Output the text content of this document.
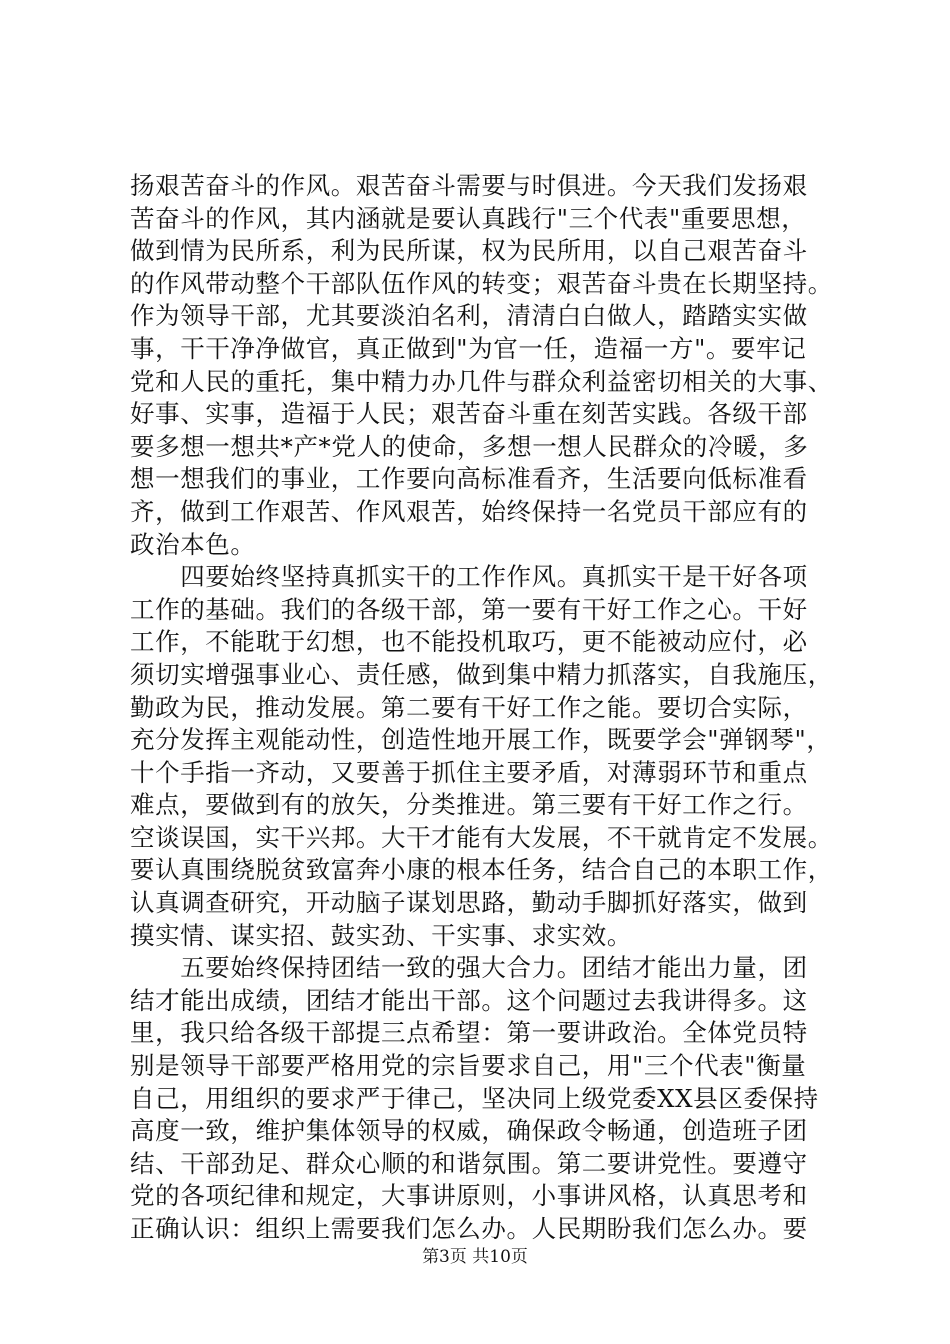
扬艰苦奋斗的作风。艰苦奋斗需要与时俱进。今天我们发扬艰
苦奋斗的作风，其内涵就是要认真践行"三个代表"重要思想，
做到情为民所系，利为民所谋，权为民所用，以自己艰苦奋斗
的作风带动整个干部队伍作风的转变；艰苦奋斗贵在长期坚持。
作为领导干部，尤其要淡泊名利，清清白白做人，踏踏实实做
事，干干净净做官，真正做到"为官一任，造福一方"。要牢记
党和人民的重托，集中精力办几件与群众利益密切相关的大事、
好事、实事，造福于人民；艰苦奋斗重在刻苦实践。各级干部
要多想一想共*产*党人的使命，多想一想人民群众的冷暖，多
想一想我们的事业，工作要向高标准看齐，生活要向低标准看
齐，做到工作艰苦、作风艰苦，始终保持一名党员干部应有的
政治本色。
　　四要始终坚持真抓实干的工作作风。真抓实干是干好各项
工作的基础。我们的各级干部，第一要有干好工作之心。干好
工作，不能耽于幻想，也不能投机取巧，更不能被动应付，必
须切实增强事业心、责任感，做到集中精力抓落实，自我施压，
勤政为民，推动发展。第二要有干好工作之能。要切合实际，
充分发挥主观能动性，创造性地开展工作，既要学会"弹钢琴"，
十个手指一齐动，又要善于抓住主要矛盾，对薄弱环节和重点
难点，要做到有的放矢，分类推进。第三要有干好工作之行。
空谈误国，实干兴邦。大干才能有大发展，不干就肯定不发展。
要认真围绕脱贫致富奔小康的根本任务，结合自己的本职工作，
认真调查研究，开动脑子谋划思路，勤动手脚抓好落实，做到
摸实情、谋实招、鼓实劲、干实事、求实效。
　　五要始终保持团结一致的强大合力。团结才能出力量，团
结才能出成绩，团结才能出干部。这个问题过去我讲得多。这
里，我只给各级干部提三点希望：第一要讲政治。全体党员特
别是领导干部要严格用党的宗旨要求自己，用"三个代表"衡量
自己，用组织的要求严于律己，坚决同上级党委XX县区委保持
高度一致，维护集体领导的权威，确保政令畅通，创造班子团
结、干部劲足、群众心顺的和谐氛围。第二要讲党性。要遵守
党的各项纪律和规定，大事讲原则，小事讲风格，认真思考和
正确认识：组织上需要我们怎么办。人民期盼我们怎么办。要
第3页 共10页
